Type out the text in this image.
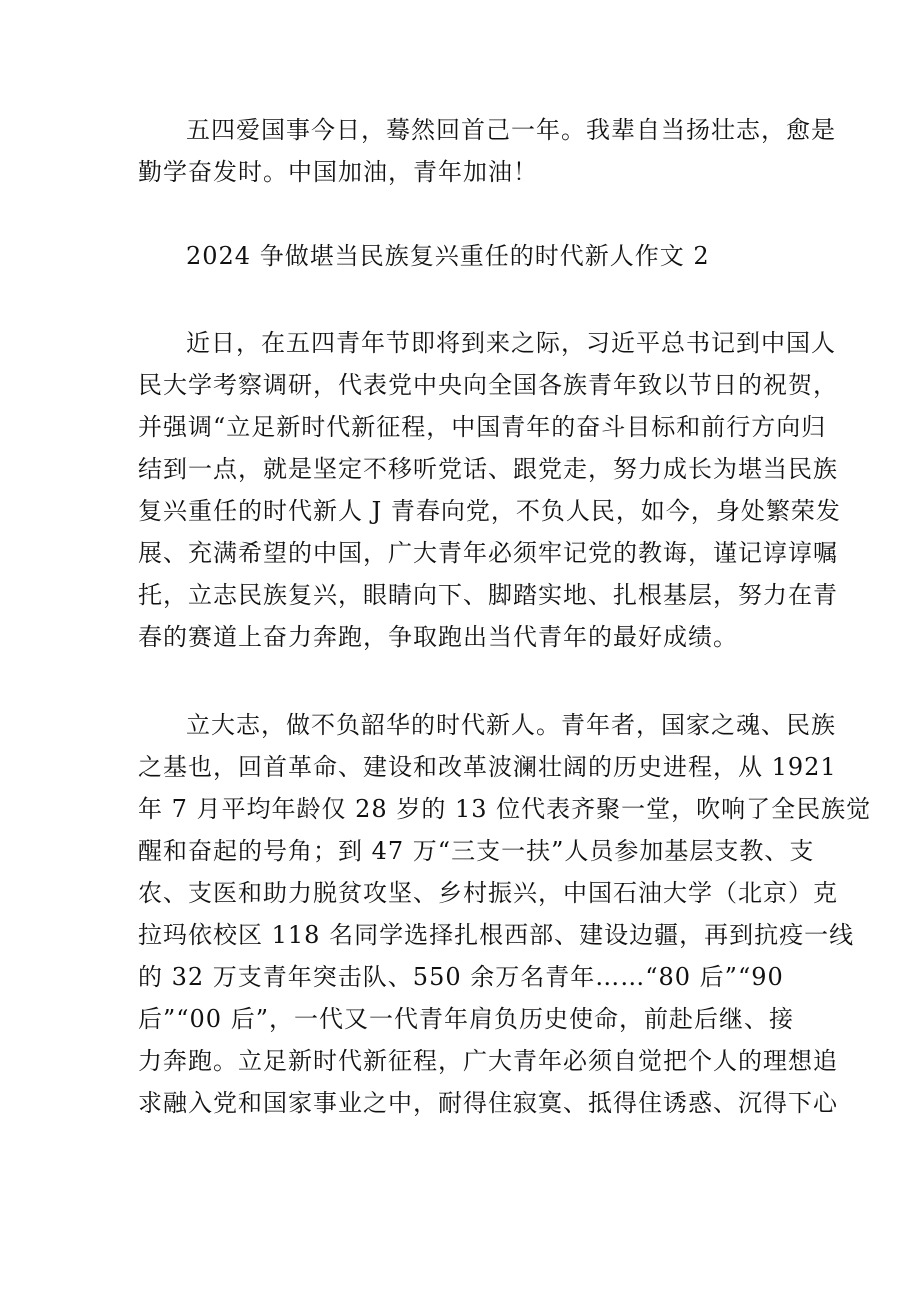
五四爱国事今日，蓦然回首己一年。我辈自当扬壮志，愈是
勤学奋发时。中国加油，青年加油！
2024 争做堪当民族复兴重任的时代新人作文 2
近日，在五四青年节即将到来之际，习近平总书记到中国人
民大学考察调研，代表党中央向全国各族青年致以节日的祝贺，
并强调“立足新时代新征程，中国青年的奋斗目标和前行方向归
结到一点，就是坚定不移听党话、跟党走，努力成长为堪当民族
复兴重任的时代新人 J 青春向党，不负人民，如今，身处繁荣发
展、充满希望的中国，广大青年必须牢记党的教诲，谨记谆谆嘱
托，立志民族复兴，眼睛向下、脚踏实地、扎根基层，努力在青
春的赛道上奋力奔跑，争取跑出当代青年的最好成绩。
立大志，做不负韶华的时代新人。青年者，国家之魂、民族
之基也，回首革命、建设和改革波澜壮阔的历史进程，从 1921
年 7 月平均年龄仅 28 岁的 13 位代表齐聚一堂，吹响了全民族觉
醒和奋起的号角；到 47 万“三支一扶”人员参加基层支教、支
农、支医和助力脱贫攻坚、乡村振兴，中国石油大学（北京）克
拉玛依校区 118 名同学选择扎根西部、建设边疆，再到抗疫一线
的 32 万支青年突击队、550 余万名青年……“80 后”“90
后”“00 后”，一代又一代青年肩负历史使命，前赴后继、接
力奔跑。立足新时代新征程，广大青年必须自觉把个人的理想追
求融入党和国家事业之中，耐得住寂寞、抵得住诱惑、沉得下心
